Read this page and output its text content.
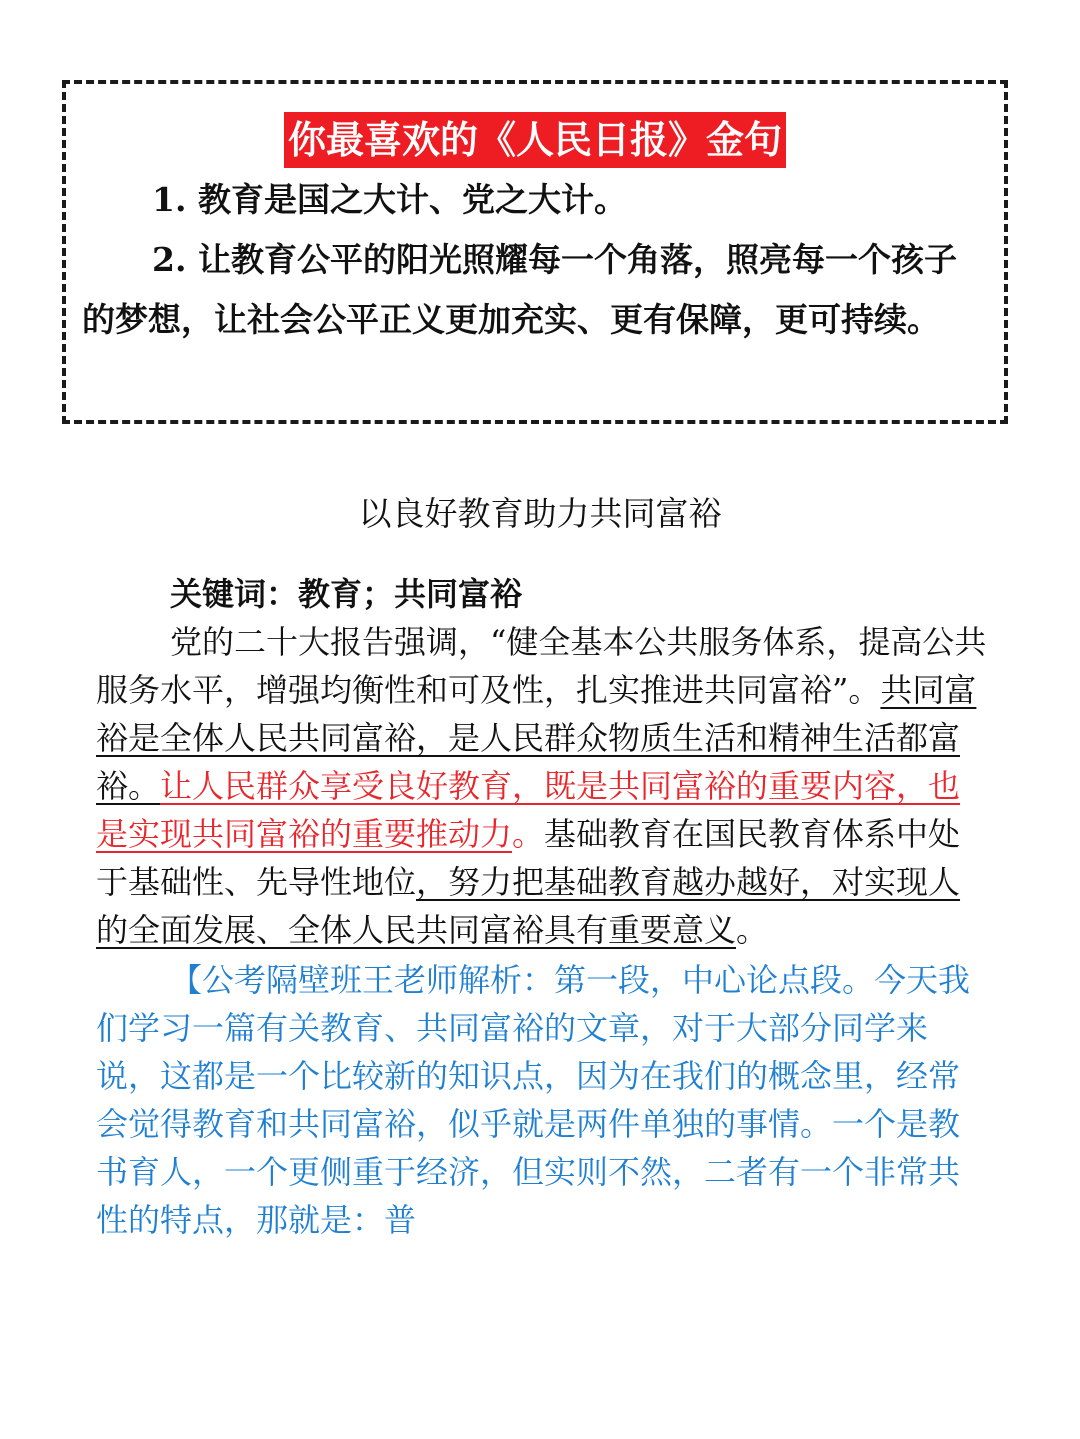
你最喜欢的《人民日报》金句

1. 教育是国之大计、党之大计。

2. 让教育公平的阳光照耀每一个角落，照亮每一个孩子的梦想，让社会公平正义更加充实、更有保障，更可持续。

以良好教育助力共同富裕

关键词：教育；共同富裕

党的二十大报告强调，“健全基本公共服务体系，提高公共服务水平，增强均衡性和可及性，扎实推进共同富裕”。共同富裕是全体人民共同富裕，是人民群众物质生活和精神生活都富裕。让人民群众享受良好教育，既是共同富裕的重要内容，也是实现共同富裕的重要推动力。基础教育在国民教育体系中处于基础性、先导性地位，努力把基础教育越办越好，对实现人的全面发展、全体人民共同富裕具有重要意义。

【公考隔壁班王老师解析：第一段，中心论点段。今天我们学习一篇有关教育、共同富裕的文章，对于大部分同学来说，这都是一个比较新的知识点，因为在我们的概念里，经常会觉得教育和共同富裕，似乎就是两件单独的事情。一个是教书育人，一个更侧重于经济，但实则不然，二者有一个非常共性的特点，那就是：普
